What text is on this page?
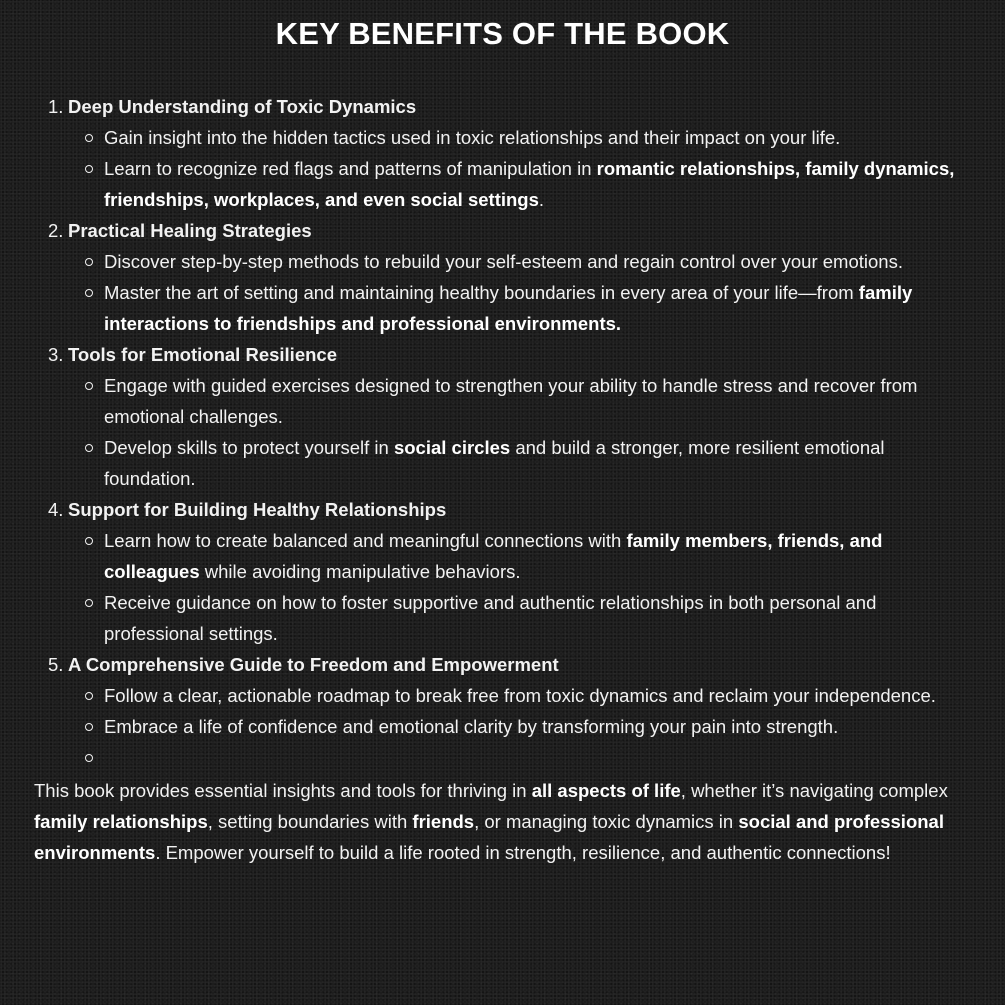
KEY BENEFITS OF THE BOOK
1. Deep Understanding of Toxic Dynamics
Gain insight into the hidden tactics used in toxic relationships and their impact on your life.
Learn to recognize red flags and patterns of manipulation in romantic relationships, family dynamics, friendships, workplaces, and even social settings.
2. Practical Healing Strategies
Discover step-by-step methods to rebuild your self-esteem and regain control over your emotions.
Master the art of setting and maintaining healthy boundaries in every area of your life—from family interactions to friendships and professional environments.
3. Tools for Emotional Resilience
Engage with guided exercises designed to strengthen your ability to handle stress and recover from emotional challenges.
Develop skills to protect yourself in social circles and build a stronger, more resilient emotional foundation.
4. Support for Building Healthy Relationships
Learn how to create balanced and meaningful connections with family members, friends, and colleagues while avoiding manipulative behaviors.
Receive guidance on how to foster supportive and authentic relationships in both personal and professional settings.
5. A Comprehensive Guide to Freedom and Empowerment
Follow a clear, actionable roadmap to break free from toxic dynamics and reclaim your independence.
Embrace a life of confidence and emotional clarity by transforming your pain into strength.

This book provides essential insights and tools for thriving in all aspects of life, whether it’s navigating complex family relationships, setting boundaries with friends, or managing toxic dynamics in social and professional environments. Empower yourself to build a life rooted in strength, resilience, and authentic connections!
